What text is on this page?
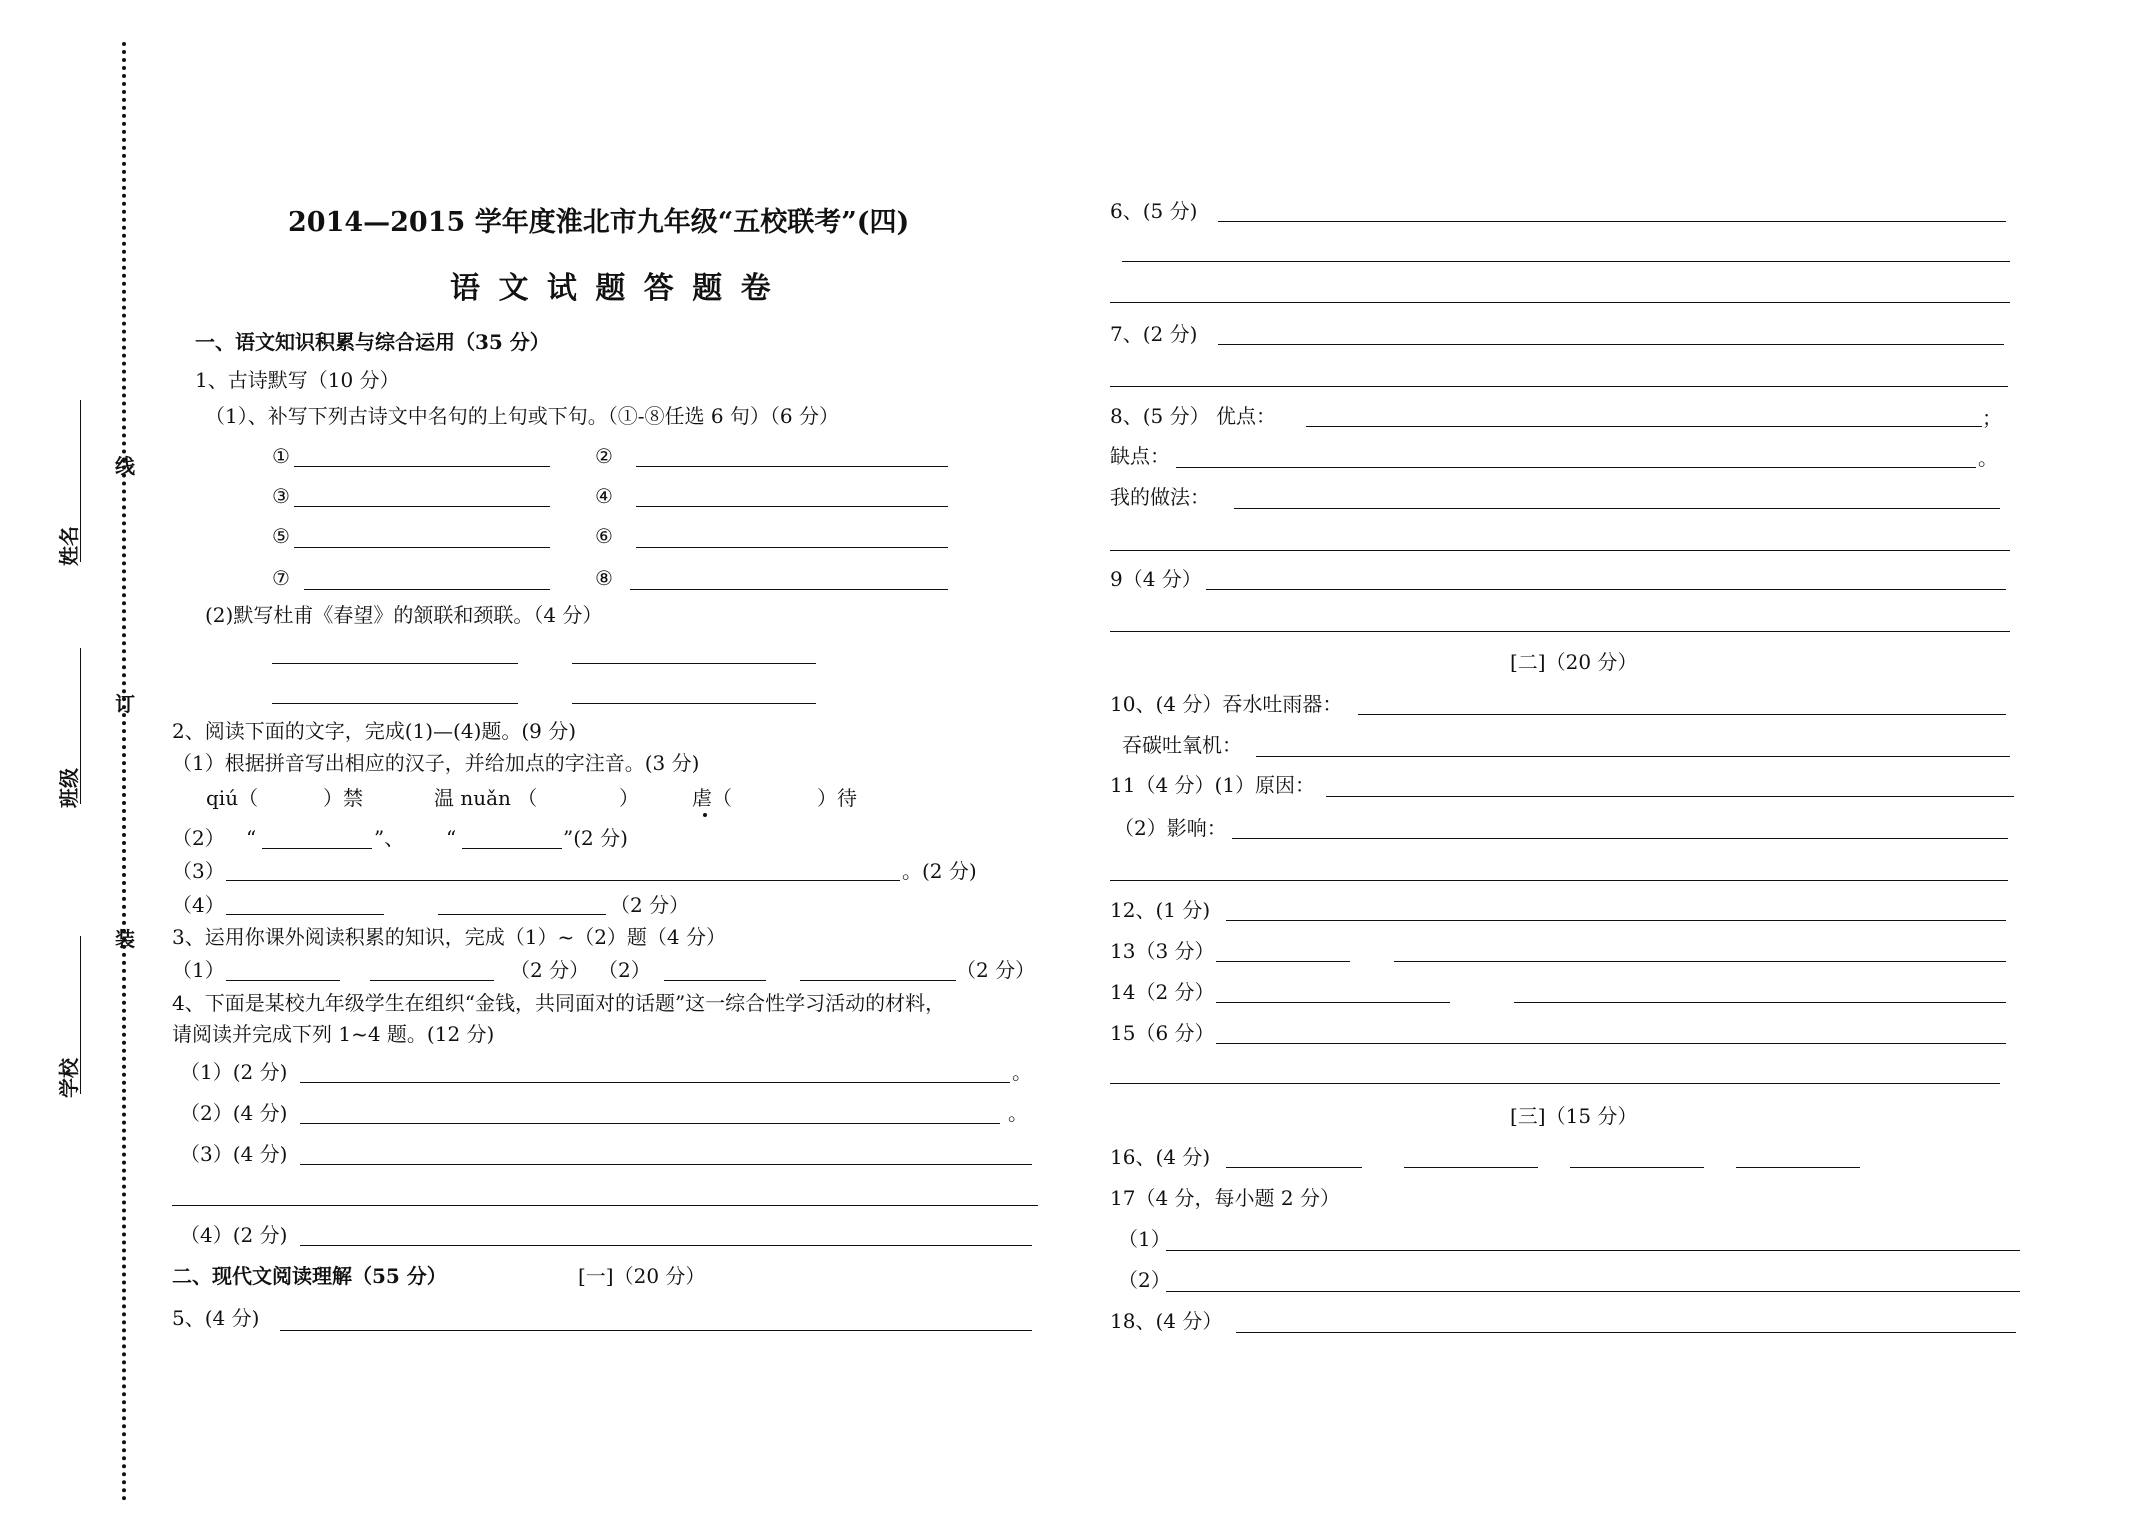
学校
班级
姓名
线
订
装
2014—2015 学年度淮北市九年级“五校联考”(四)
语 文 试 题 答 题 卷
一、语文知识积累与综合运用（35 分）
1、古诗默写（10 分）
（1）、补写下列古诗文中名句的上句或下句。（①-⑧任选 6 句）（6 分）
①	②
③	④
⑤	⑥
⑦	⑧
(2)默写杜甫《春望》的颔联和颈联。（4 分）
2、阅读下面的文字，完成(1)—(4)题。(9 分)
（1）根据拼音写出相应的汉子，并给加点的字注音。(3 分)
qiú（	）禁	温 nuǎn （	）	虐（	）待
（2） “	”、 “	”(2 分)
（3）	。(2 分)
（4）	（2 分）
3、运用你课外阅读积累的知识，完成（1）~（2）题（4 分）
（1）	（2 分） （2）	（2 分）
4、下面是某校九年级学生在组织“金钱，共同面对的话题”这一综合性学习活动的材料，
请阅读并完成下列 1~4 题。(12 分)
（1）(2 分)	。
（2）(4 分)	。
（3）(4 分)
（4）(2 分)
二、现代文阅读理解（55 分）	[一]（20 分）
5、(4 分)
6、(5 分)
7、(2 分)
8、(5 分） 优点：	；
缺点：	。
我的做法：
9（4 分）
[二]（20 分）
10、(4 分）吞水吐雨器：
吞碳吐氧机：
11（4 分）(1）原因：
（2）影响：
12、(1 分)
13（3 分）
14（2 分）
15（6 分）
[三]（15 分）
16、(4 分)
17（4 分，每小题 2 分）
（1）
（2）
18、(4 分）
